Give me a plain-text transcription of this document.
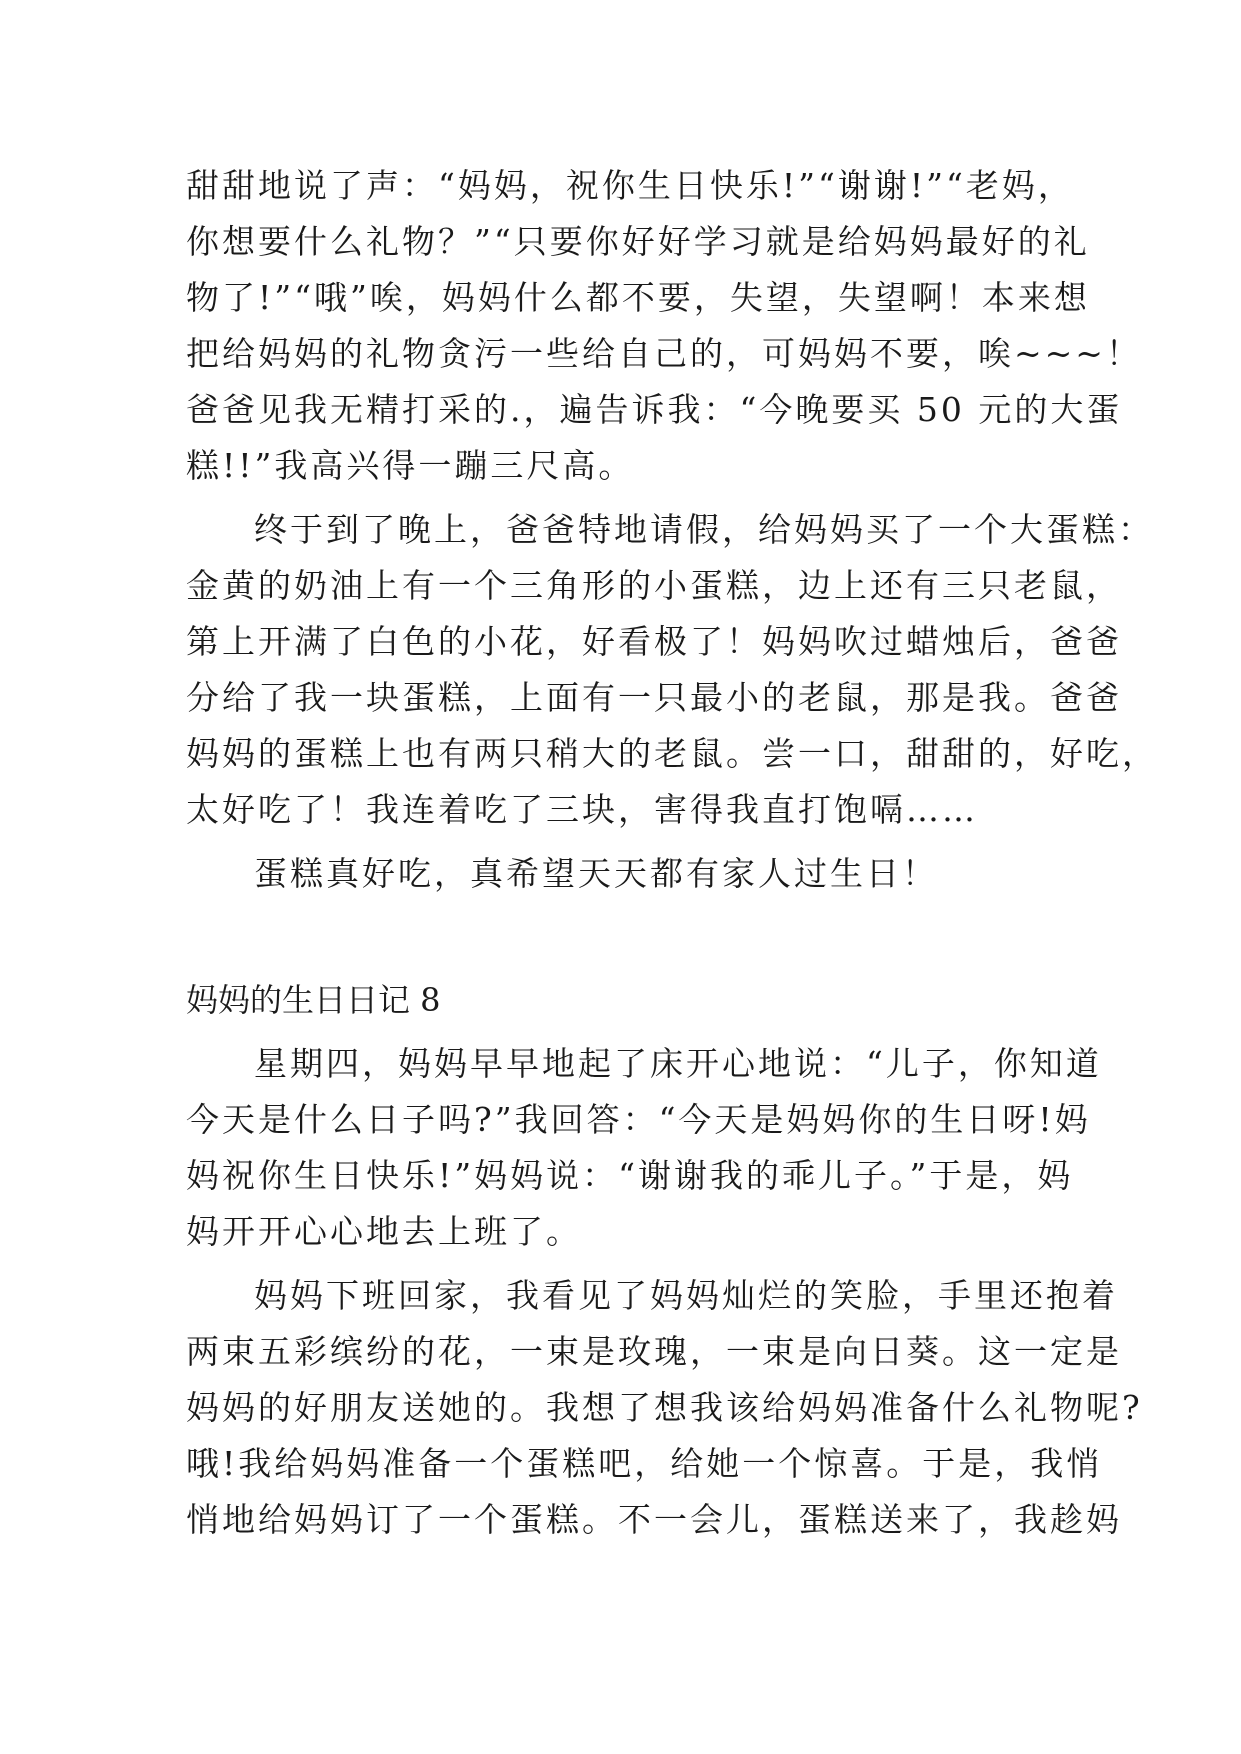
甜甜地说了声：“妈妈，祝你生日快乐!”“谢谢!”“老妈，
你想要什么礼物？”“只要你好好学习就是给妈妈最好的礼
物了!”“哦”唉，妈妈什么都不要，失望，失望啊！本来想
把给妈妈的礼物贪污一些给自己的，可妈妈不要，唉~~~！
爸爸见我无精打采的.，遍告诉我：“今晚要买 50 元的大蛋
糕!!”我高兴得一蹦三尺高。
终于到了晚上，爸爸特地请假，给妈妈买了一个大蛋糕：
金黄的奶油上有一个三角形的小蛋糕，边上还有三只老鼠，
第上开满了白色的小花，好看极了！妈妈吹过蜡烛后，爸爸
分给了我一块蛋糕，上面有一只最小的老鼠，那是我。爸爸
妈妈的蛋糕上也有两只稍大的老鼠。尝一口，甜甜的，好吃，
太好吃了！我连着吃了三块，害得我直打饱嗝……
蛋糕真好吃，真希望天天都有家人过生日！
妈妈的生日日记 8
星期四，妈妈早早地起了床开心地说：“儿子，你知道
今天是什么日子吗?”我回答：“今天是妈妈你的生日呀!妈
妈祝你生日快乐!”妈妈说：“谢谢我的乖儿子。”于是，妈
妈开开心心地去上班了。
妈妈下班回家，我看见了妈妈灿烂的笑脸，手里还抱着
两束五彩缤纷的花，一束是玫瑰，一束是向日葵。这一定是
妈妈的好朋友送她的。我想了想我该给妈妈准备什么礼物呢?
哦!我给妈妈准备一个蛋糕吧，给她一个惊喜。于是，我悄
悄地给妈妈订了一个蛋糕。不一会儿，蛋糕送来了，我趁妈
